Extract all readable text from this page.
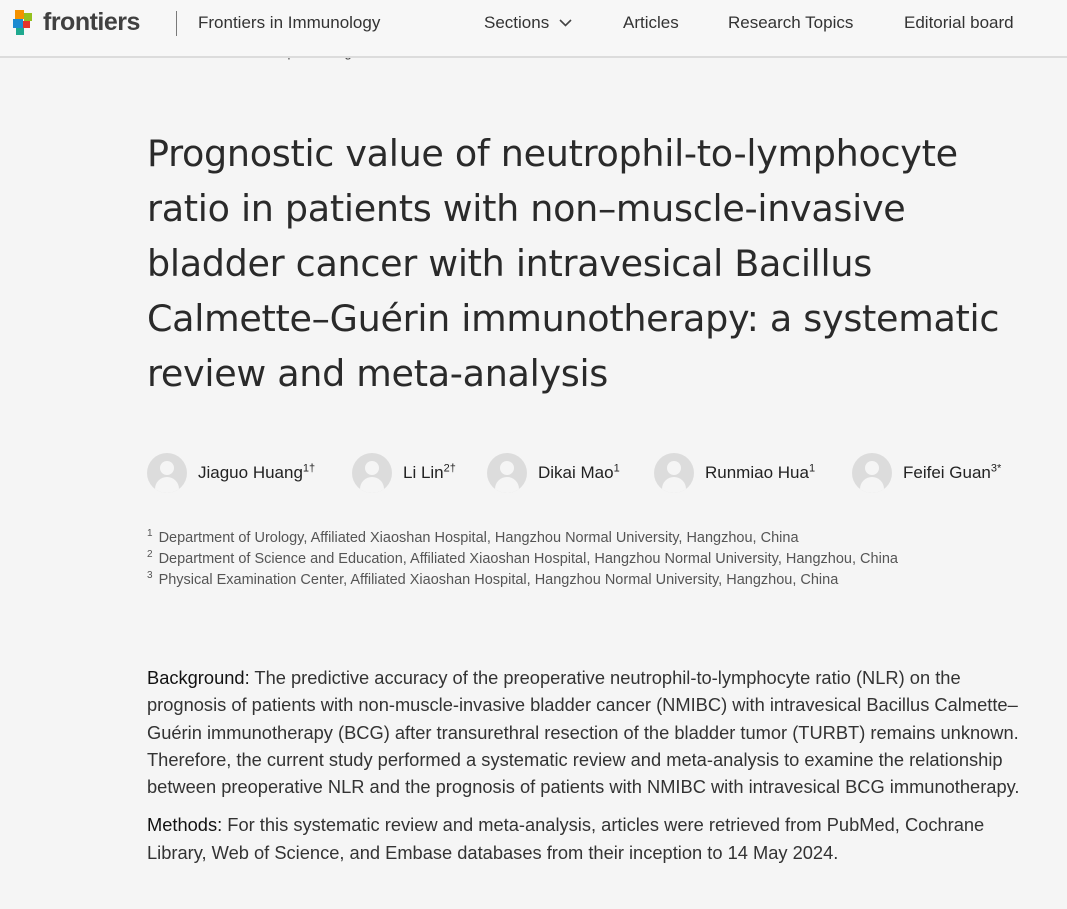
frontiers	Frontiers in Immunology	Sections	Articles	Research Topics	Editorial board
Prognostic value of neutrophil-to-lymphocyte ratio in patients with non–muscle-invasive bladder cancer with intravesical Bacillus Calmette–Guérin immunotherapy: a systematic review and meta-analysis
Jiaguo Huang$^{1\dagger}$	Li Lin$^{2\dagger}$	Dikai Mao$^1$	Runmiao Hua$^1$	Feifei Guan$^{3*}$
$^1$ Department of Urology, Affiliated Xiaoshan Hospital, Hangzhou Normal University, Hangzhou, China
$^2$ Department of Science and Education, Affiliated Xiaoshan Hospital, Hangzhou Normal University, Hangzhou, China
$^3$ Physical Examination Center, Affiliated Xiaoshan Hospital, Hangzhou Normal University, Hangzhou, China

Background: The predictive accuracy of the preoperative neutrophil-to-lymphocyte ratio (NLR) on the prognosis of patients with non-muscle-invasive bladder cancer (NMIBC) with intravesical Bacillus Calmette–Guérin immunotherapy (BCG) after transurethral resection of the bladder tumor (TURBT) remains unknown. Therefore, the current study performed a systematic review and meta-analysis to examine the relationship between preoperative NLR and the prognosis of patients with NMIBC with intravesical BCG immunotherapy.

Methods: For this systematic review and meta-analysis, articles were retrieved from PubMed, Cochrane Library, Web of Science, and Embase databases from their inception to 14 May 2024.
